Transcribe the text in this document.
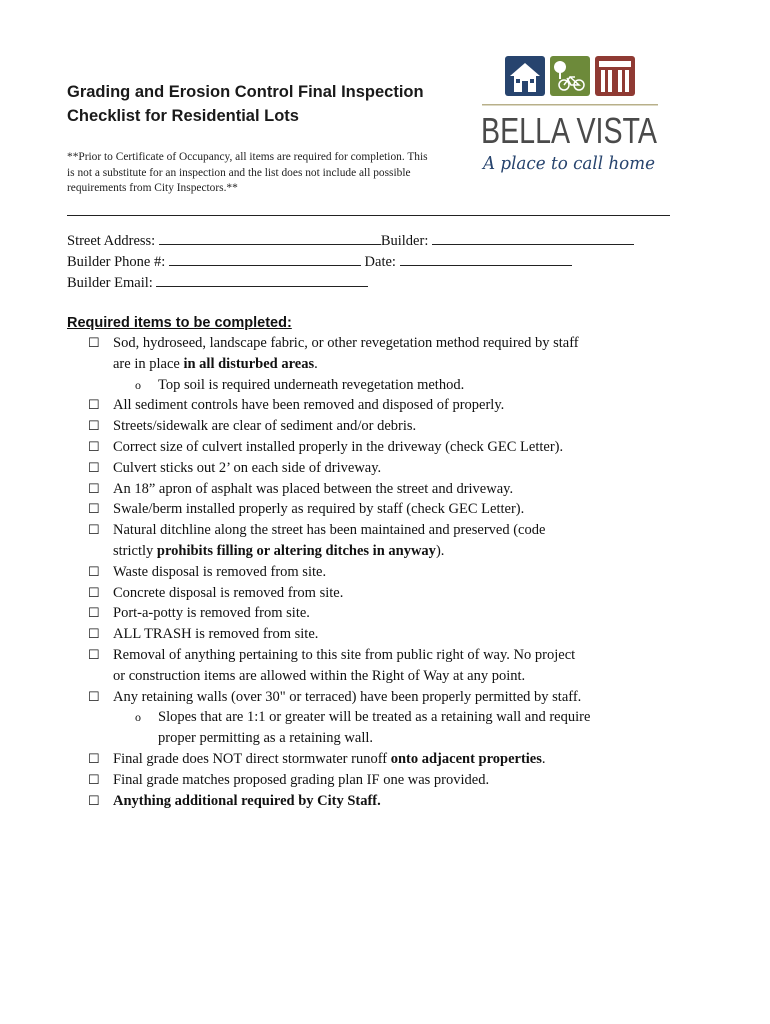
Grading and Erosion Control Final Inspection
Checklist for Residential Lots
**Prior to Certificate of Occupancy, all items are required for completion. This
is not a substitute for an inspection and the list does not include all possible
requirements from City Inspectors.**
BELLA VISTA
A place to call home
Street Address:	Builder:
Builder Phone #:	Date:
Builder Email:
Required items to be completed:
☐ Sod, hydroseed, landscape fabric, or other revegetation method required by staff
are in place in all disturbed areas.
o Top soil is required underneath revegetation method.
☐ All sediment controls have been removed and disposed of properly.
☐ Streets/sidewalk are clear of sediment and/or debris.
☐ Correct size of culvert installed properly in the driveway (check GEC Letter).
☐ Culvert sticks out 2’ on each side of driveway.
☐ An 18” apron of asphalt was placed between the street and driveway.
☐ Swale/berm installed properly as required by staff (check GEC Letter).
☐ Natural ditchline along the street has been maintained and preserved (code
strictly prohibits filling or altering ditches in anyway).
☐ Waste disposal is removed from site.
☐ Concrete disposal is removed from site.
☐ Port-a-potty is removed from site.
☐ ALL TRASH is removed from site.
☐ Removal of anything pertaining to this site from public right of way. No project
or construction items are allowed within the Right of Way at any point.
☐ Any retaining walls (over 30" or terraced) have been properly permitted by staff.
o Slopes that are 1:1 or greater will be treated as a retaining wall and require
proper permitting as a retaining wall.
☐ Final grade does NOT direct stormwater runoff onto adjacent properties.
☐ Final grade matches proposed grading plan IF one was provided.
☐ Anything additional required by City Staff.
